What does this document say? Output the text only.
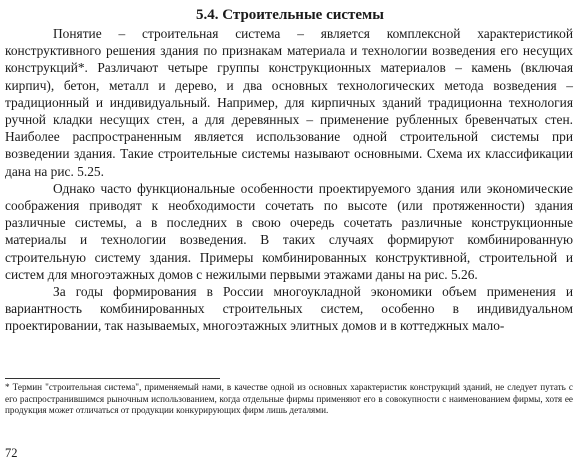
5.4. Строительные системы

Понятие – строительная система – является комплексной характеристикой конструктивного решения здания по признакам материала и технологии возведения его несущих конструкций*. Различают четыре группы конструкционных материалов – камень (включая кирпич), бетон, металл и дерево, и два основных технологических метода возведения – традиционный и индивидуальный. Например, для кирпичных зданий традиционна технология ручной кладки несущих стен, а для деревянных – применение рубленных бревенчатых стен. Наиболее распространенным является использование одной строительной системы при возведении здания. Такие строительные системы называют основными. Схема их классификации дана на рис. 5.25.

Однако часто функциональные особенности проектируемого здания или экономические соображения приводят к необходимости сочетать по высоте (или протяженности) здания различные системы, а в последних в свою очередь сочетать различные конструкционные материалы и технологии возведения. В таких случаях формируют комбинированную строительную систему здания. Примеры комбинированных конструктивной, строительной и систем для многоэтажных домов с нежилыми первыми этажами даны на рис. 5.26.

За годы формирования в России многоукладной экономики объем применения и вариантность комбинированных строительных систем, особенно в индивидуальном проектировании, так называемых, многоэтажных элитных домов и в коттеджных мало-

* Термин "строительная система", применяемый нами, в качестве одной из основных характеристик конструкций зданий, не следует путать с его распространившимся рыночным использованием, когда отдельные фирмы применяют его в совокупности с наименованием фирмы, хотя ее продукция может отличаться от продукции конкурирующих фирм лишь деталями.
72
